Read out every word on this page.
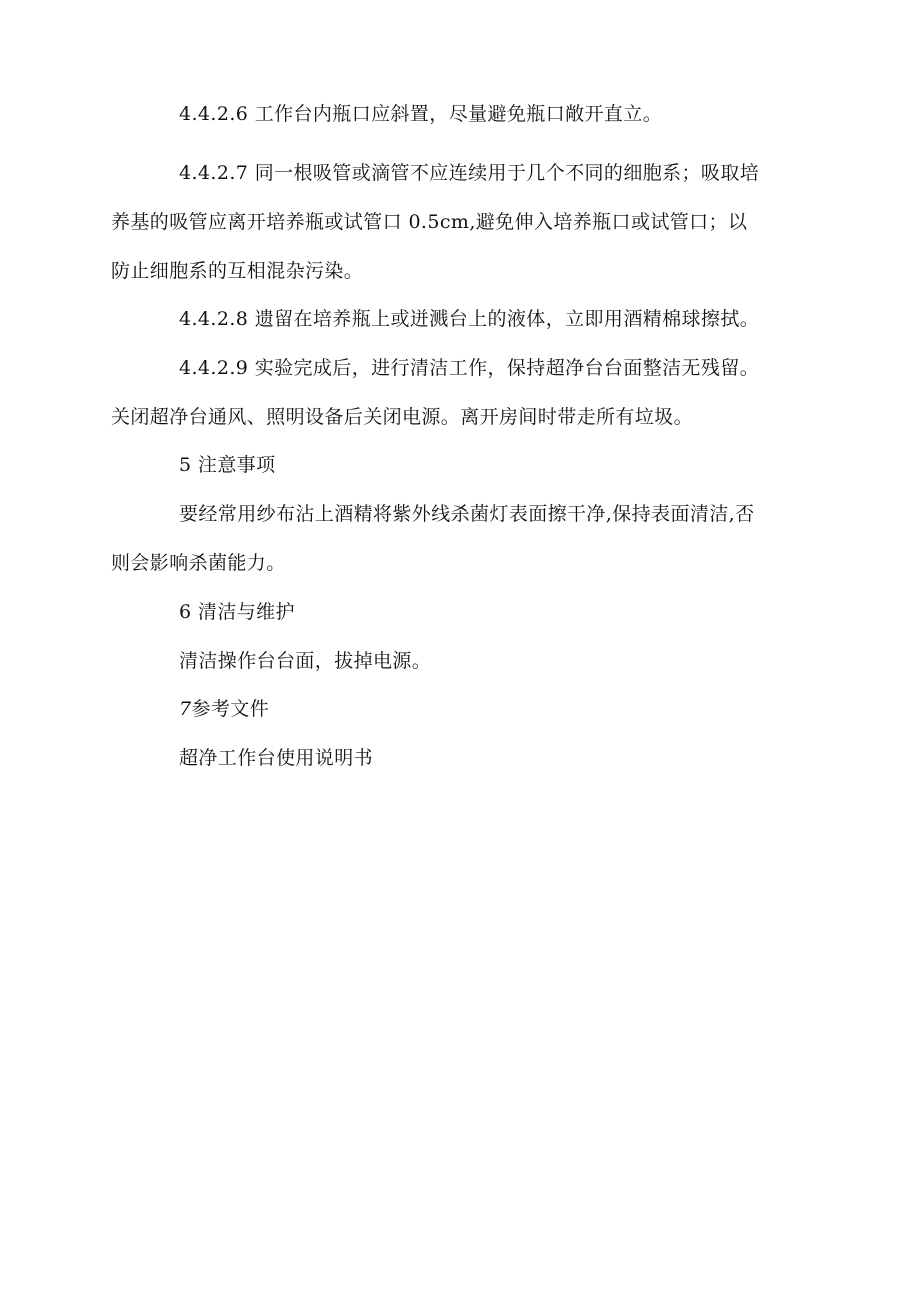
4.4.2.6 工作台内瓶口应斜置，尽量避免瓶口敞开直立。

4.4.2.7 同一根吸管或滴管不应连续用于几个不同的细胞系；吸取培
养基的吸管应离开培养瓶或试管口 0.5cm,避免伸入培养瓶口或试管口；以
防止细胞系的互相混杂污染。
4.4.2.8 遗留在培养瓶上或迸溅台上的液体，立即用酒精棉球擦拭。
4.4.2.9 实验完成后，进行清洁工作，保持超净台台面整洁无残留。
关闭超净台通风、照明设备后关闭电源。离开房间时带走所有垃圾。
5 注意事项
要经常用纱布沾上酒精将紫外线杀菌灯表面擦干净,保持表面清洁,否
则会影响杀菌能力。
6 清洁与维护
清洁操作台台面，拔掉电源。
7参考文件
超净工作台使用说明书
